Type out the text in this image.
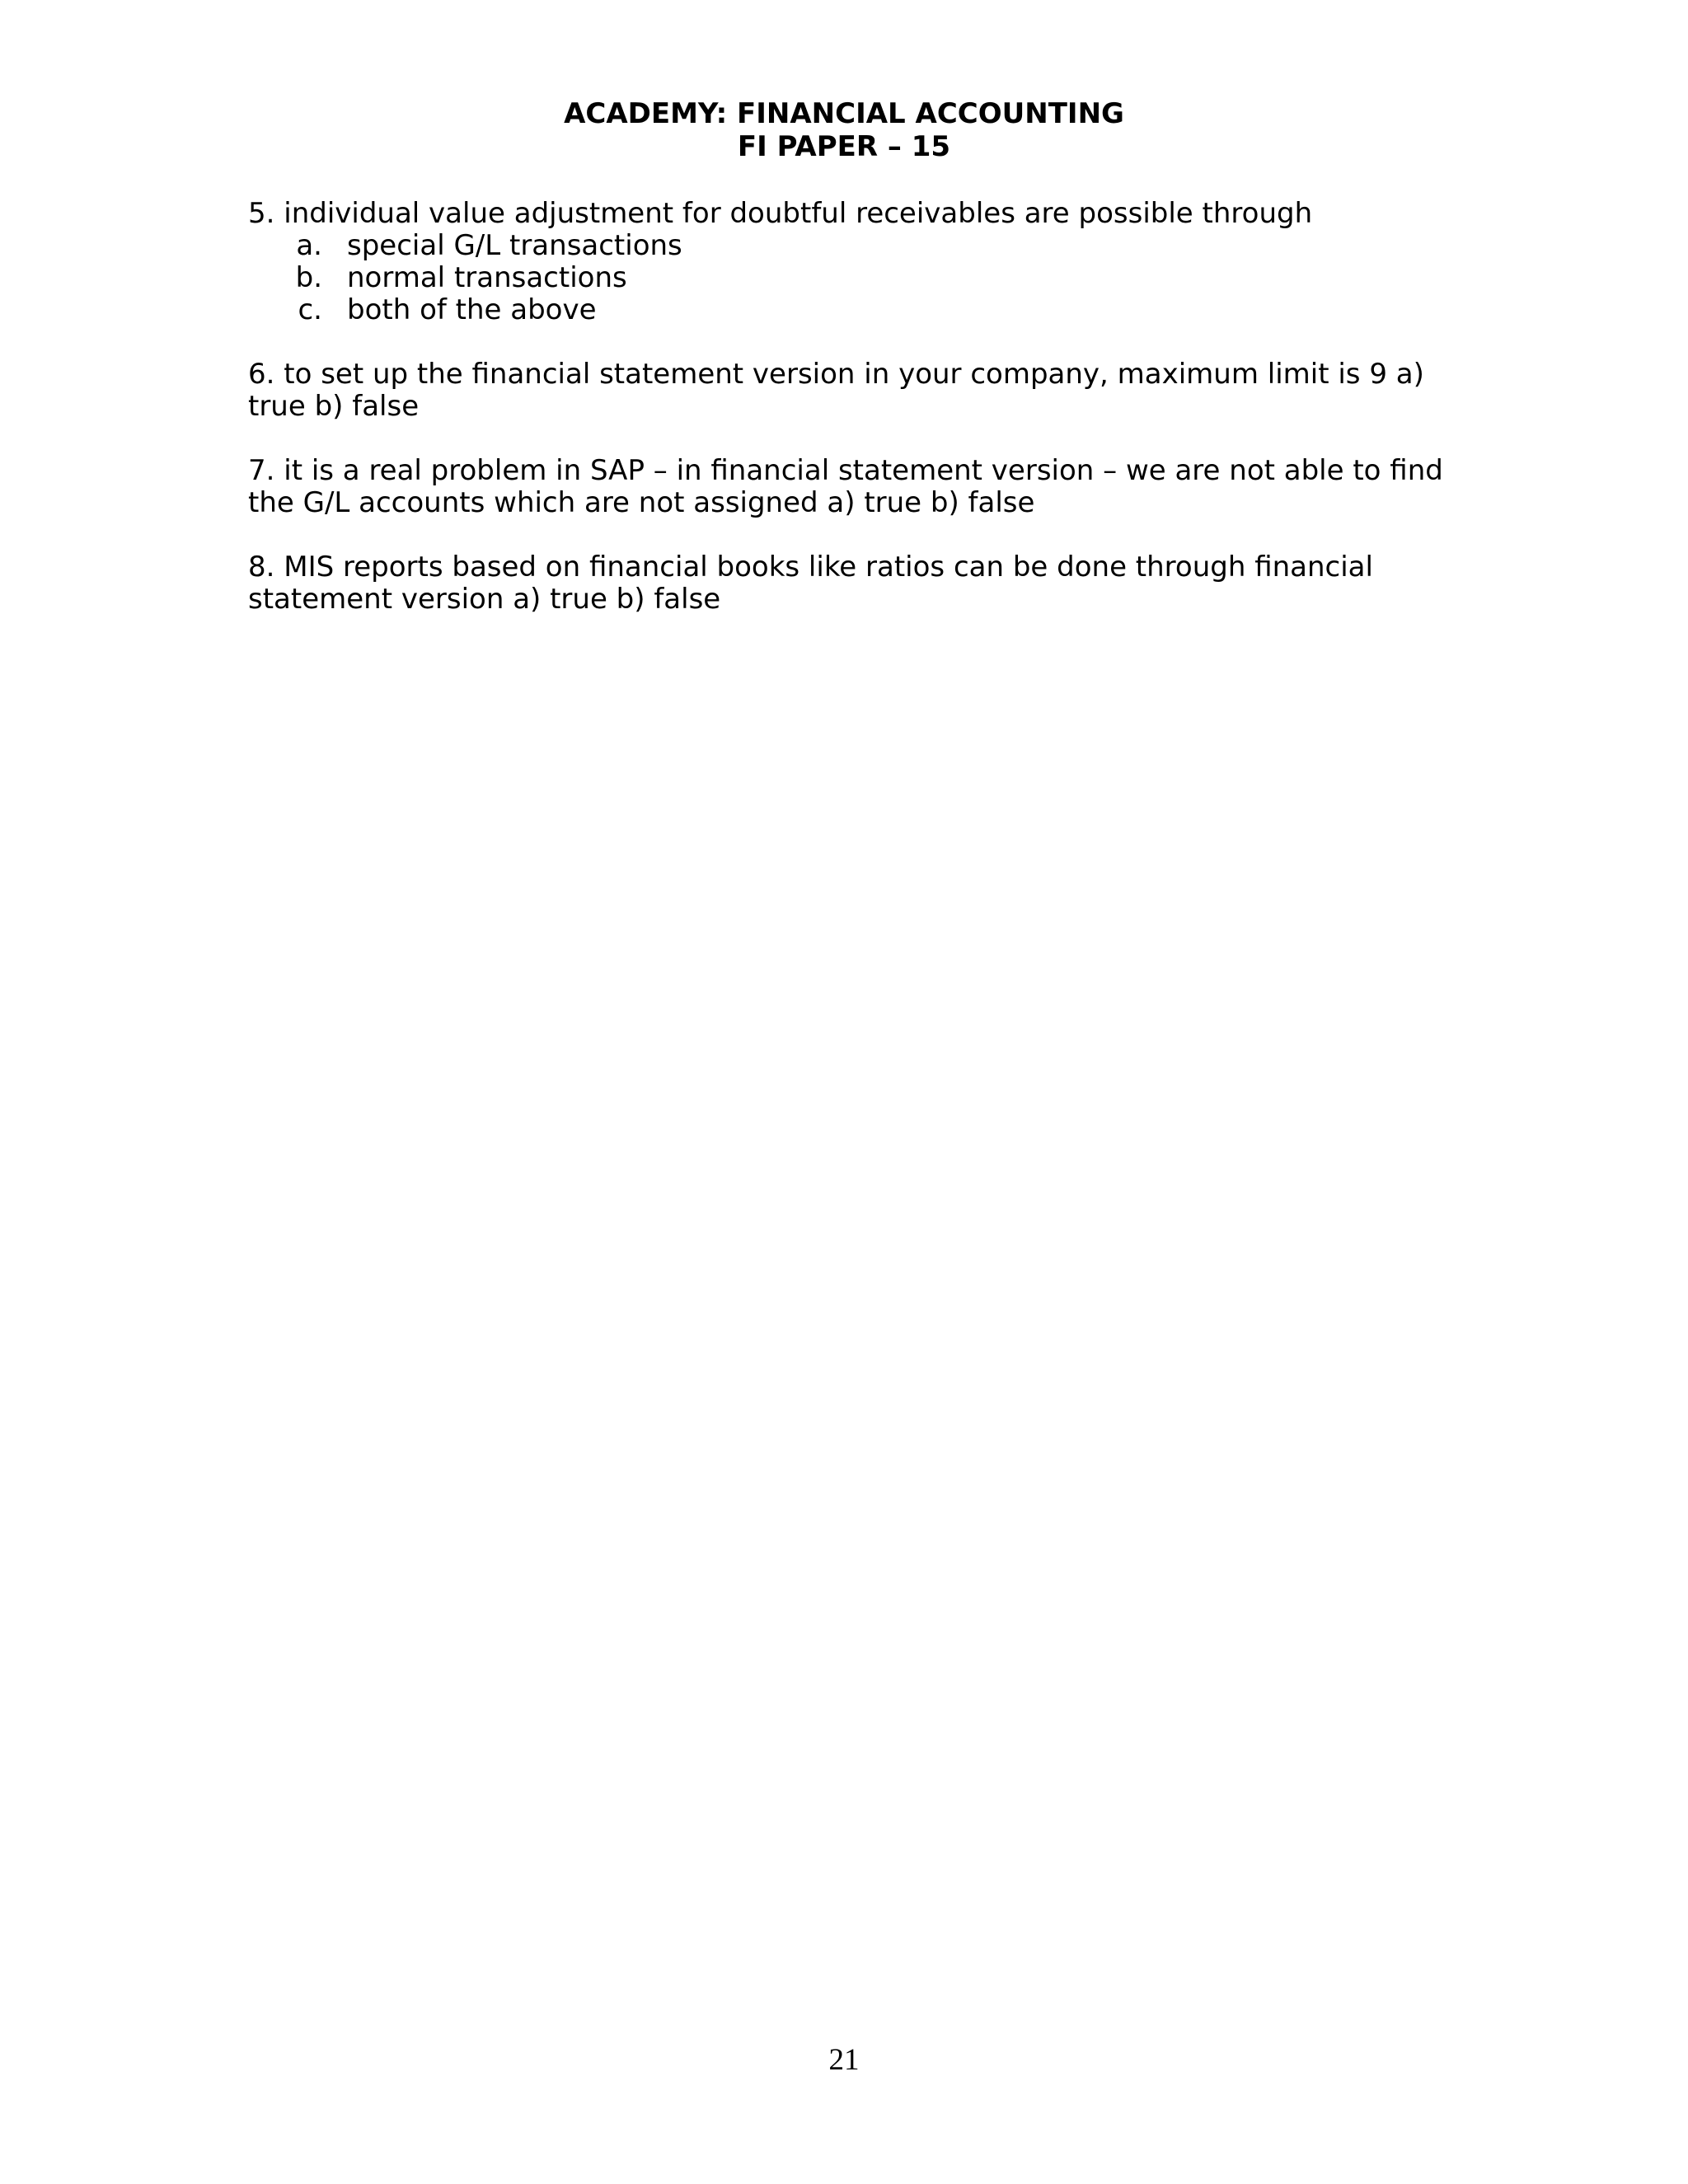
ACADEMY: FINANCIAL ACCOUNTING
FI PAPER – 15
5. individual value adjustment for doubtful receivables are possible through
a. special G/L transactions
b. normal transactions
c. both of the above
6. to set up the financial statement version in your company, maximum limit is 9 a) true b) false
7. it is a real problem in SAP – in financial statement version – we are not able to find the G/L accounts which are not assigned a) true b) false
8. MIS reports based on financial books like ratios can be done through financial statement version a) true b) false
21
